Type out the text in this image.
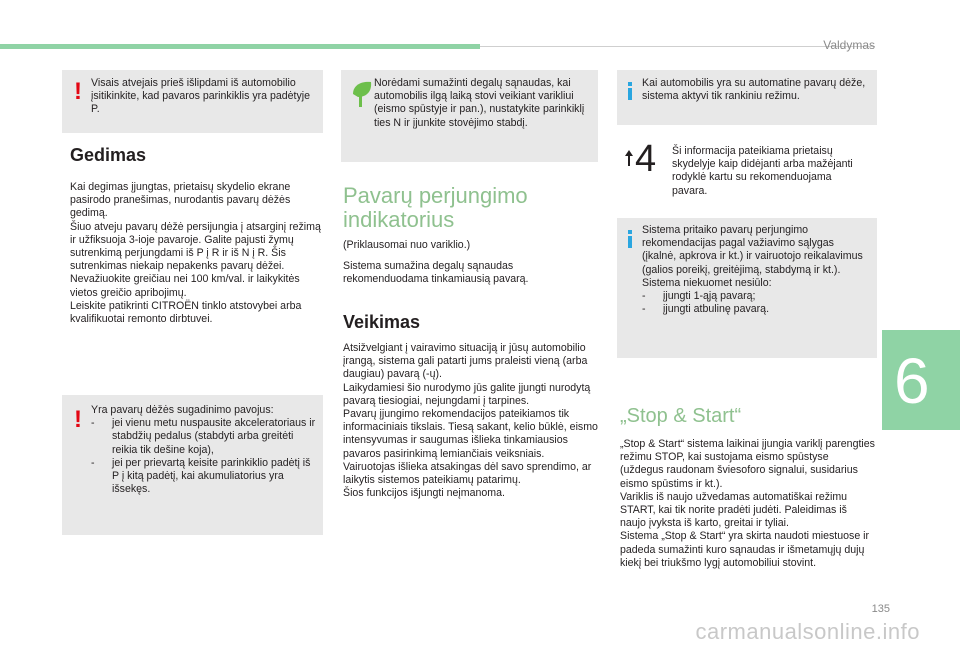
Valdymas
! Visais atvejais prieš išlipdami iš automobilio įsitikinkite, kad pavaros parinkiklis yra padėtyje P.
Gedimas
Kai degimas įjungtas, prietaisų skydelio ekrane pasirodo pranešimas, nurodantis pavarų dėžės gedimą.
Šiuo atveju pavarų dėžė persijungia į atsarginį režimą ir užfiksuoja 3-ioje pavaroje. Galite pajusti žymų sutrenkimą perjungdami iš P į R ir iš N į R. Šis sutrenkimas niekaip nepakenks pavarų dėžei.
Nevažiuokite greičiau nei 100 km/val. ir laikykitės vietos greičio apribojimų.
Leiskite patikrinti CITROËN tinklo atstovybei arba kvalifikuotai remonto dirbtuvei.
! Yra pavarų dėžės sugadinimo pavojus:
- jei vienu metu nuspausite akceleratoriaus ir stabdžių pedalus (stabdyti arba greitėti reikia tik dešine koja),
- jei per prievartą keisite parinkiklio padėtį iš P į kitą padėtį, kai akumuliatorius yra išsekęs.
Norėdami sumažinti degalų sąnaudas, kai automobilis ilgą laiką stovi veikiant varikliui (eismo spūstyje ir pan.), nustatykite parinkiklį ties N ir įjunkite stovėjimo stabdį.
Pavarų perjungimo
indikatorius
(Priklausomai nuo variklio.)
Sistema sumažina degalų sąnaudas rekomenduodama tinkamiausią pavarą.
Veikimas
Atsižvelgiant į vairavimo situaciją ir jūsų automobilio įrangą, sistema gali patarti jums praleisti vieną (arba daugiau) pavarą (-ų).
Laikydamiesi šio nurodymo jūs galite įjungti nurodytą pavarą tiesiogiai, nejungdami į tarpines.
Pavarų įjungimo rekomendacijos pateikiamos tik informaciniais tikslais. Tiesą sakant, kelio būklė, eismo intensyvumas ir saugumas išlieka tinkamiausios pavaros pasirinkimą lemiančiais veiksniais. Vairuotojas išlieka atsakingas dėl savo sprendimo, ar laikytis sistemos pateikiamų patarimų.
Šios funkcijos išjungti neįmanoma.
Kai automobilis yra su automatine pavarų dėže, sistema aktyvi tik rankiniu režimu.
4 Ši informacija pateikiama prietaisų skydelyje kaip didėjanti arba mažėjanti rodyklė kartu su rekomenduojama pavara.
Sistema pritaiko pavarų perjungimo rekomendacijas pagal važiavimo sąlygas (įkalnė, apkrova ir kt.) ir vairuotojo reikalavimus (galios poreikį, greitėjimą, stabdymą ir kt.).
Sistema niekuomet nesiūlo:
- įjungti 1-ąją pavarą;
- įjungti atbulinę pavarą.
„Stop & Start“
„Stop & Start“ sistema laikinai įjungia variklį parengties režimu STOP, kai sustojama eismo spūstyse (uždegus raudonam šviesoforo signalui, susidarius eismo spūstims ir kt.).
Variklis iš naujo užvedamas automatiškai režimu START, kai tik norite pradėti judėti. Paleidimas iš naujo įvyksta iš karto, greitai ir tyliai.
Sistema „Stop & Start“ yra skirta naudoti miestuose ir padeda sumažinti kuro sąnaudas ir išmetamųjų dujų kiekį bei triukšmo lygį automobiliui stovint.
6
135
carmanualsonline.info
